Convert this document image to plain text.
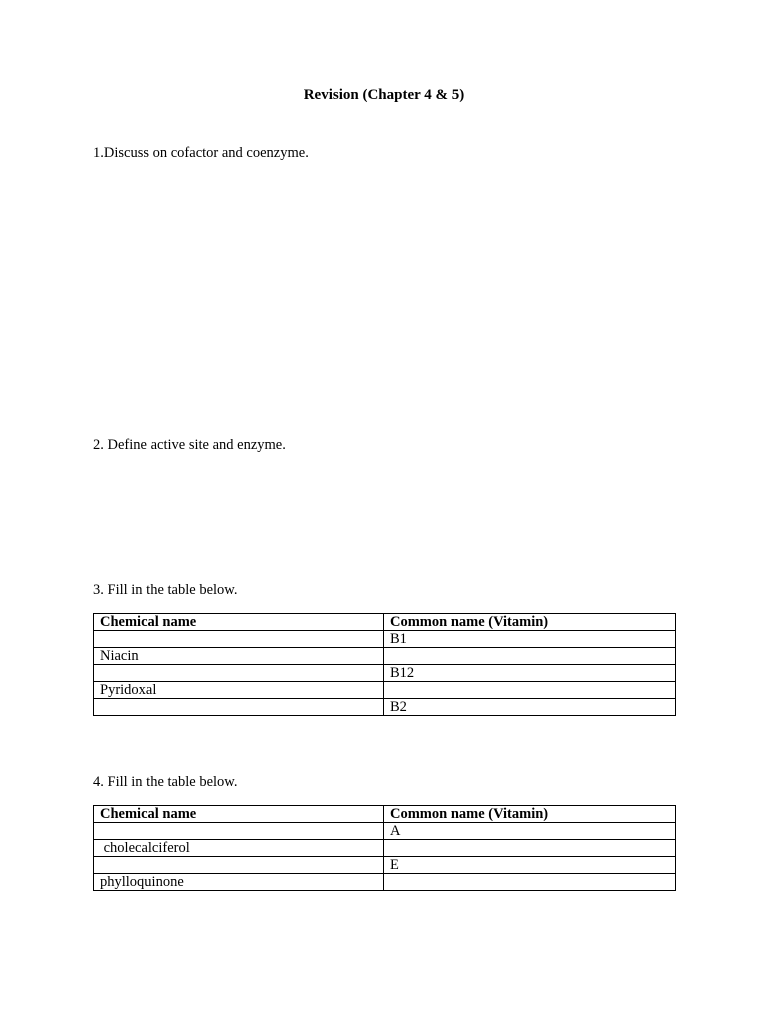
Revision (Chapter 4 & 5)
1.Discuss on cofactor and coenzyme.
2. Define active site and enzyme.
3. Fill in the table below.
Chemical name	Common name (Vitamin)
	B1
Niacin	
	B12
Pyridoxal	
	B2
4. Fill in the table below.
Chemical name	Common name (Vitamin)
	A
cholecalciferol	
	E
phylloquinone	
